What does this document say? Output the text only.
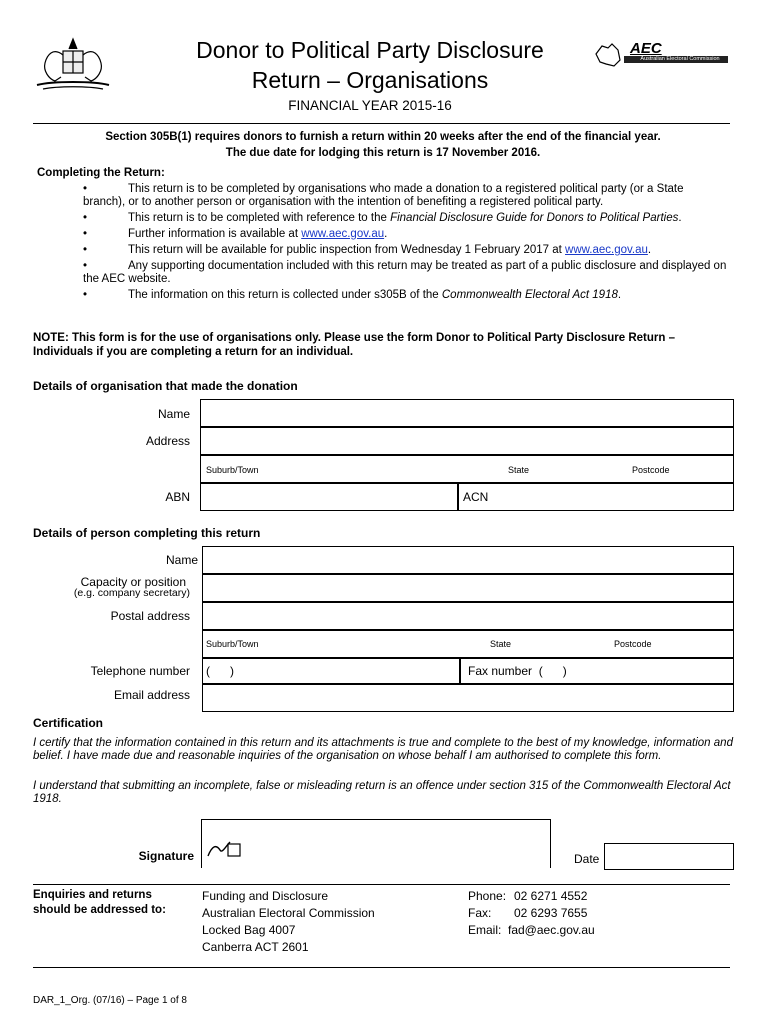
AEC
Australian Electoral Commission
Donor to Political Party Disclosure
Return – Organisations
FINANCIAL YEAR 2015-16
Section 305B(1) requires donors to furnish a return within 20 weeks after the end of the financial year.
The due date for lodging this return is 17 November 2016.
Completing the Return:
•	This return is to be completed by organisations who made a donation to a registered political party (or a State branch), or to another person or organisation with the intention of benefiting a registered political party.
•	This return is to be completed with reference to the Financial Disclosure Guide for Donors to Political Parties.
•	Further information is available at www.aec.gov.au.
•	This return will be available for public inspection from Wednesday 1 February 2017 at www.aec.gov.au.
•	Any supporting documentation included with this return may be treated as part of a public disclosure and displayed on the AEC website.
•	The information on this return is collected under s305B of the Commonwealth Electoral Act 1918.
NOTE: This form is for the use of organisations only. Please use the form Donor to Political Party Disclosure Return – Individuals if you are completing a return for an individual.
Details of organisation that made the donation
Name
Address
Suburb/Town	State	Postcode
ABN	ACN
Details of person completing this return
Name
Capacity or position
(e.g. company secretary)
Postal address
Suburb/Town	State	Postcode
Telephone number (      )	Fax number  (      )
Email address
Certification
I certify that the information contained in this return and its attachments is true and complete to the best of my knowledge, information and belief. I have made due and reasonable inquiries of the organisation on whose behalf I am authorised to complete this form.
I understand that submitting an incomplete, false or misleading return is an offence under section 315 of the Commonwealth Electoral Act 1918.
Signature	Date
Enquiries and returns
should be addressed to:
Funding and Disclosure
Australian Electoral Commission
Locked Bag 4007
Canberra ACT 2601
Phone: 02 6271 4552
Fax: 02 6293 7655
Email: fad@aec.gov.au
DAR_1_Org. (07/16) – Page 1 of 8
